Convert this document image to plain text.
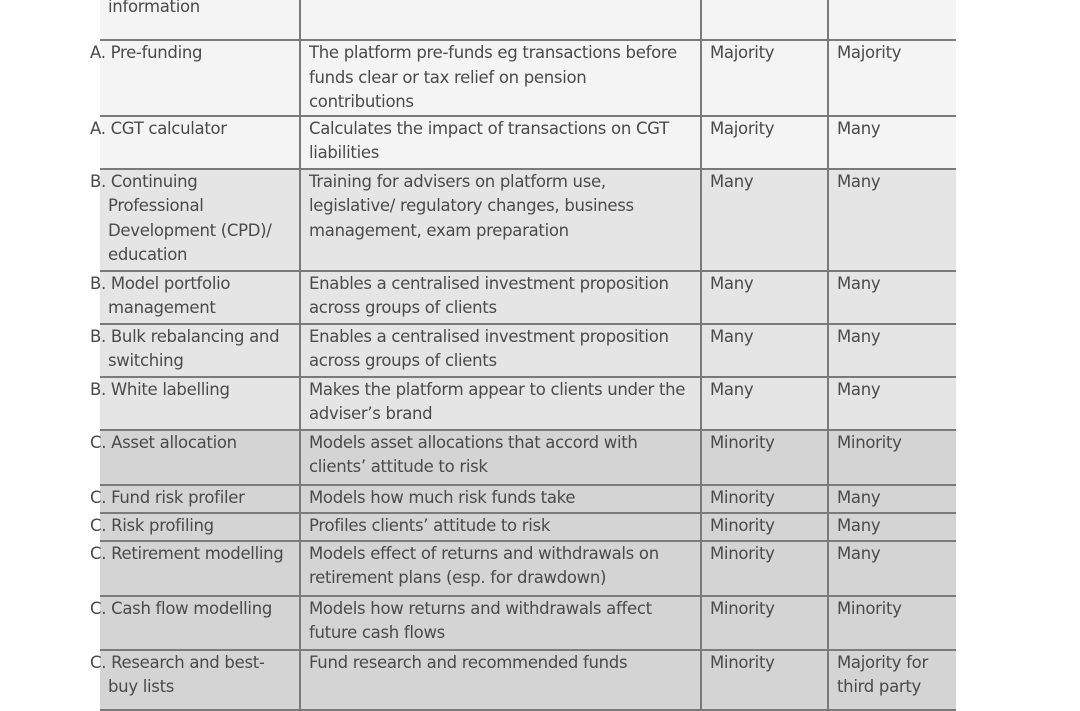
information			
A. Pre-funding	The platform pre-funds eg transactions before funds clear or tax relief on pension contributions	Majority	Majority
A. CGT calculator	Calculates the impact of transactions on CGT liabilities	Majority	Many
B. Continuing Professional Development (CPD)/ education	Training for advisers on platform use, legislative/ regulatory changes, business management, exam preparation	Many	Many
B. Model portfolio management	Enables a centralised investment proposition across groups of clients	Many	Many
B. Bulk rebalancing and switching	Enables a centralised investment proposition across groups of clients	Many	Many
B. White labelling	Makes the platform appear to clients under the adviser’s brand	Many	Many
C. Asset allocation	Models asset allocations that accord with clients’ attitude to risk	Minority	Minority
C. Fund risk profiler	Models how much risk funds take	Minority	Many
C. Risk profiling	Profiles clients’ attitude to risk	Minority	Many
C. Retirement modelling	Models effect of returns and withdrawals on retirement plans (esp. for drawdown)	Minority	Many
C. Cash flow modelling	Models how returns and withdrawals affect future cash flows	Minority	Minority
C. Research and best-buy lists	Fund research and recommended funds	Minority	Majority for third party
